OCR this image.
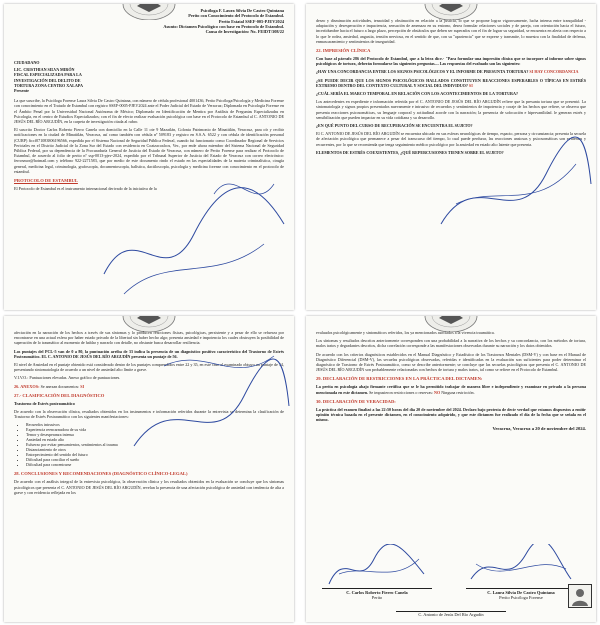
Psicóloga F. Laura Silvia De Castro Quintana
Perito con Conocimiento del Protocolo de Estambul.
Perito Estatal SSEF-005-PJEV2024
Asunto: Dictamen Psicológico con base en Protocolo de Estambul.
Causa de Investigación: No. FEIDT/308/22
CIUDADANO
LIC. CRISTHIAN SILVA MIRÓN
FISCAL ESPECIALIZADA PARA LA
INVESTIGACIÓN DEL DELITO DE
TORTURA ZONA CENTRO XALAPA
Presente

La que suscribe, la Psicóloga Forense Laura Silvia De Castro Quintana, con número de cédula profesional 4001436, Perito Psicóloga/Psicología y Medicina Forense con conocimiento en el Tratado de Estambul con registro SSEF-0005-PJEV2024 ante el Poder Judicial del Estado de Veracruz; Diplomada en Psicología Forense en el Ámbito Penal por la Universidad Nacional Autónoma de México; Diplomado en Identificación de Mentira por Análisis de Preguntas Especializadas en Psicología, en el centro de Estudios Especializados; con el fin de efecto realizar evaluación psicológica con base en el Protocolo de Estambul al C. ANTONIO DE JESÚS DEL RÍO ARGUDÍN, en la carpeta de investigación citada al rubro.

El suscrito Doctor Carlos Roberto Fierro Canela con domicilio en la Calle 11 ote 9 Mazatlán, Colonia Patrimonio de Minatitlán, Veracruz, para oír y recibir notificaciones en la ciudad de Minatitlán, Veracruz, así como también con cédula nº 509183 y registro en S.S.A. 6522 y con cédula de identificación personal (CURP) ficcf071083806196566, expedida por el Sistema Nacional de Seguridad Pública Federal, cuando fui funcionario como Coordinador Regional de Servicios Periciales en el Distrito Judicial de la Zona Sur del Estado con residencia en Coatzacoalcos, Ver., por ende ahora miembro del Sistema Nacional de Seguridad Pública Federal, por su dependencia de la Procuraduría General de Justicia del Estado de Veracruz, con número de Perito Forense para realizar el Protocolo de Estambul, de acuerdo al folio de perito nº ssp-0013-pjev-2024, expedido por el Tribunal Superior de Justicia del Estado de Veracruz con correo electrónico: ferrosmor@hotmail.com y teléfono 922-2271583, que por medio de este documento rindo el estado en las especialidades de la materia criminalística, cirugía general, medicina legal, criminología, grafoscopía, documentoscopía, balística, dactiloscopía, psicología y medicina forense con conocimiento en el protocolo de estambul.

PROTOCOLO DE ESTAMBUL

El Protocolo de Estambul es el instrumento internacional derivado de la iniciativa de la

deseo y disminución actividades, tenacidad y obstinación en relación a la justicia, lo que se propone lograr vigorosamente, lucha intensa entre tranquilidad - adaptación y desesperación e impaciencia, sensación de amenaza en su entorno, desea formular relaciones sociales y de pareja, con orientación hacia el futuro, incertidumbre hacia el futuro a largo plazo, percepción de obstáculos que deben ser superados con el fin de lograr su seguridad, se encuentra en alerta con respecto a lo que le rodea, ansiedad, angustia, tensión nerviosa, en el sentido de que, con su "apariencia" que se exprese y transmite, lo muestra con la finalidad de defensa, enmascaramiento y sentimientos de inseguridad.

22. IMPRESIÓN CLÍNICA

Con base al párrafo 286 del Protocolo de Estambul, que a la letra dice.- "Para formular una impresión clínica que se incorpore al informe sobre signos psicológicos de tortura, deberán formularse las siguientes preguntas.... Las respuestas del evaluado son las siguientes:

¿HAY UNA CONCORDANCIA ENTRE LOS SIGNOS PSICOLÓGICOS Y EL INFORME DE PRESUNTA TORTURA? SI HAY CONCORDANCIA

¿SE PUEDE DECIR QUE LOS SIGNOS PSICOLÓGICOS HALLADOS CONSTITUYEN REACCIONES ESPERABLES O TÍPICAS EN ESTRÉS EXTREMO DENTRO DEL CONTEXTO CULTURAL Y SOCIAL DEL INDIVIDUO? SI

¿CUÁL SERÍA EL MARCO TEMPORAL EN RELACIÓN CON LOS ACONTECIMIENTOS DE LA TORTURA?

Los antecedentes en expediente e información referida por el C. ANTONIO DE JESÚS DEL RÍO ARGUDÍN refiere que la presunta tortura que se presentó. La sintomatología y signos propios presentados nuevamente e intrusivo de recuerdos y sentimientos de impotencia y coraje de los hechos que refiere, se observa que presenta reacciones psicosomáticas, su lenguaje corporal y actitudinal acorde con la narración; la presencia de sofocación e hipervanilidad. le generan estrés y sensibilización que pueden impactar en su vida cotidiana y su desarrollo.

¿EN QUÉ PUNTO DEL CURSO DE RECUPERACIÓN SE ENCUENTRA EL SUJETO?

El C. ANTONIO DE JESÚS DEL RÍO ARGUDÍN se encuentra ubicado en sus esferas neurológicas de tiempo, espacio, persona y circunstancia; presenta la secuela de afectación psicológica que permanece a pesar del transcurso del tiempo, lo cual puede perdurar, las reacciones ansiosas y psicosomáticas son evidentes y recurrentes, por lo que se recomienda que tenga seguimiento médico psicológico por la ansiedad en estado alto latente que presenta.

ELEMENTOS DE ESTRÉS COEXISTENTES, ¿QUÉ REPERCUSIONES TIENEN SOBRE EL SUJETO?

afectación en la narración de los hechos a través de sus síntomas y lo producen reacciones físicas, psicológicas, persistente y a pesar de ello se refuerza por encontrarse en una actual esfera por haber estado privado de la libertad sin haber hecho algo; presenta ansiedad e impotencia los cuales obstruyen la posibilidad de superación de lo traumático al momento de hablar y narrarlo con detalle, no obstante busca desarrollar resiliencia.

Los puntajes del PCL-5 van de 0 a 80, la puntuación arriba de 33 indica la presencia de un diagnóstico positivo característico del Trastorno de Estrés Postraumático. EL C. ANTONIO DE JESÚS DEL RÍO ARGUDÍN presenta un puntaje de 56.

El nivel de Ansiedad en el puntaje obtenido está considerado dentro de los puntajes comprendidos entre 22 y 35, en este caso el examinado obtuvo un puntaje de 34, presentando sintomatología de acuerdo a un nivel de ansiedad alto límite a grave.

V.I.V.O.: Puntuaciones elevadas. Anexo gráfico de puntuaciones.

26. ANEXOS: Se anexan documentos: SI

27.- CLASIFICACIÓN DEL DIAGNÓSTICO

Trastorno de Estrés postraumático

De acuerdo con la observación clínica, resultados obtenidos en los instrumentos e información referidos durante la entrevista se determina la clasificación de Trastorno de Estrés Postraumático con los siguientes manifestaciones:

• Recuerdos intrusivos
• Experiencia reencarnadora de su vida
• Temor y desesperanza intensa
• Ansiedad en estado alto
• Esfuerzo por evitar pensamientos, sentimientos al trauma
• Distanciamiento de otros
• Entorpecimiento del sentido del futuro
• Dificultad para conciliar el sueño
• Dificultad para concentrarse
28. CONCLUSIONES Y RECOMENDACIONES (DIAGNÓSTICO CLÍNICO-LEGAL)

De acuerdo con el análisis integral de la entrevista psicológica, la observación clínica y los resultados obtenidos en la evaluación se concluye que los síntomas psicológicos que presenta el C. ANTONIO DE JESÚS DEL RÍO ARGUDÍN, revelan la presencia de una afectación psicológica de ansiedad con tendencia de alta a grave y con evidencia reflejada en los

evaluados psicológicamente y sintomáticos referidos, los ya mencionados asociados a la vivencia traumática.

Los síntomas y resultados descritos anteriormente corresponden con una probabilidad a la narrativa de los hechos y su concordancia, con los métodos de tortura, malos tratos y degradantes descritos, dicha correlación corresponde a las manifestaciones observadas durante su narración y los datos obtenidos.

De acuerdo con los criterios diagnósticos establecidos en el Manual Diagnóstico y Estadístico de los Trastornos Mentales (DSM-V) y con base en el Manual de Diagnóstico Diferencial (DSM-V), las secuelas psicológicas observadas, referidas e identificadas en la evaluación son suficientes para poder determinar el diagnóstico de Trastorno de Estrés Postraumático, como se describe anteriormente; se concluye que las secuelas psicológicas que presenta el C. ANTONIO DE JESÚS DEL RÍO ARGUDÍN son probablemente relacionadas con hechos de tortura y malos tratos, tal como se refiere en el Protocolo de Estambul.

29. DECLARACIÓN DE RESTRICCIONES EN LA PRÁCTICA DEL DICTAMEN:

La perita en psicología abajo firmante certifica que se le ha permitido trabajar de manera libre e independiente y examinar en privado a la persona mencionada en este dictamen. Se impusieron restricciones o reservas: NO Ninguna restricción.

30. DECLARACIÓN DE VERACIDAD:

La práctica del examen finalizó a las 22:50 horas del día 20 de noviembre del 2024. Declaro bajo protesta de decir verdad que estamos dispuestos a emitir opinión técnica basada en el presente dictamen, en el conocimiento adquirido, y que este dictamen fue realizado el día de la fecha que se señala en el mismo.

Veracruz, Veracruz a 20 de noviembre del 2024.
C. Carlos Roberto Fierro Canela
Perito
C. Laura Silvia De Castro Quintana
Perito Psicóloga Forense
C. Antonio de Jesús Del Río Argudín
